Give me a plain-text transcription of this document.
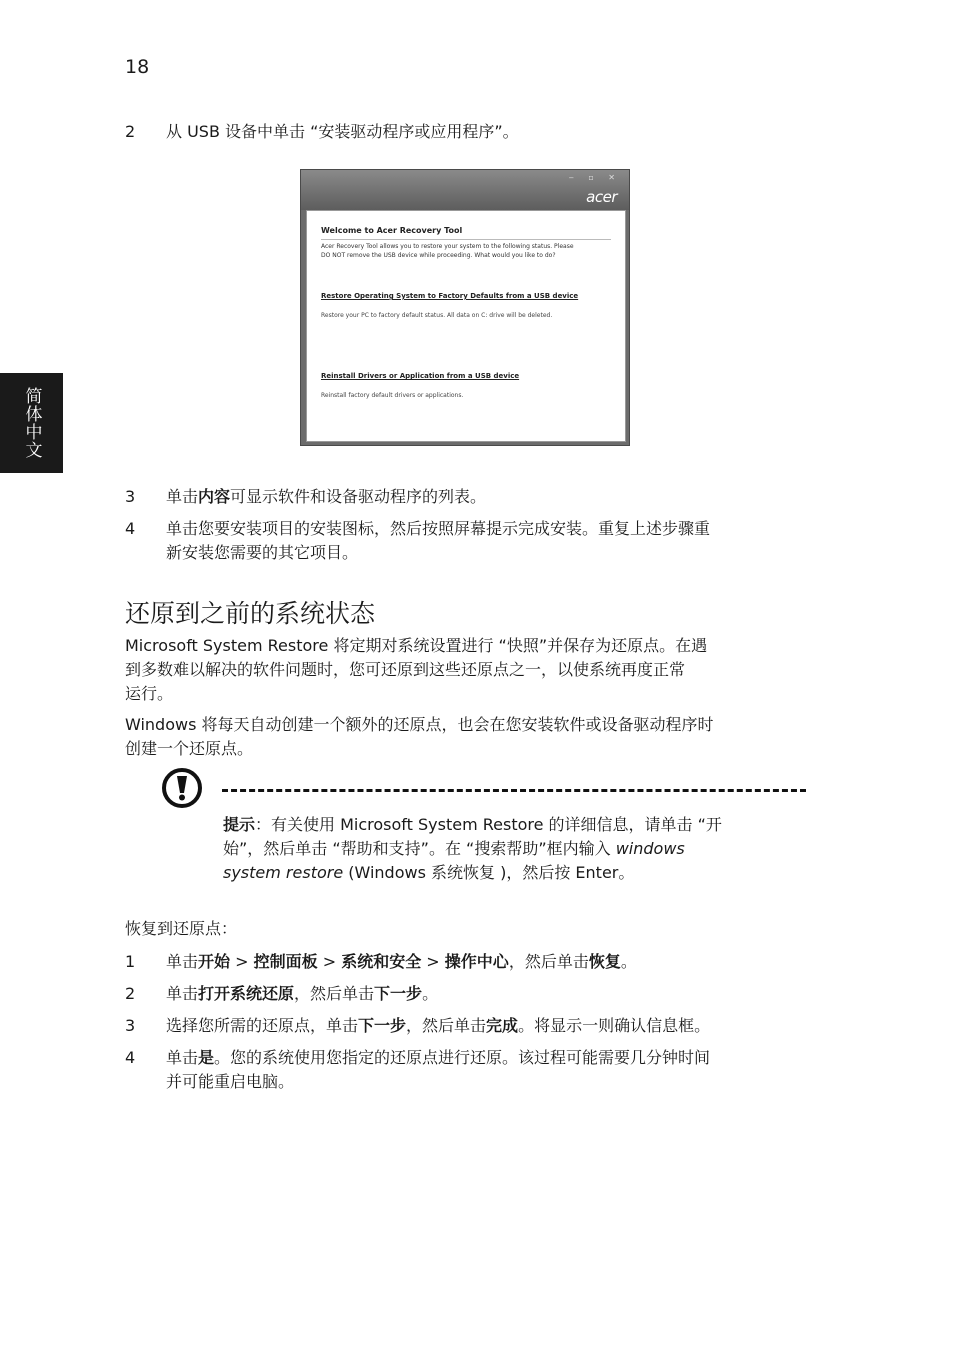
18
简体中文
2	从 USB 设备中单击 “安装驱动程序或应用程序”。
‒ ▫ ✕
acer
Welcome to Acer Recovery Tool
Acer Recovery Tool allows you to restore your system to the following status. Please
DO NOT remove the USB device while proceeding. What would you like to do?
Restore Operating System to Factory Defaults from a USB device
Restore your PC to factory default status. All data on C: drive will be deleted.
Reinstall Drivers or Application from a USB device
Reinstall factory default drivers or applications.
3	单击内容可显示软件和设备驱动程序的列表。
4	单击您要安装项目的安装图标，然后按照屏幕提示完成安装。重复上述步骤重
新安装您需要的其它项目。
还原到之前的系统状态
Microsoft System Restore 将定期对系统设置进行 “快照”并保存为还原点。在遇
到多数难以解决的软件问题时，您可还原到这些还原点之一，以使系统再度正常
运行。
Windows 将每天自动创建一个额外的还原点，也会在您安装软件或设备驱动程序时
创建一个还原点。
提示：有关使用 Microsoft System Restore 的详细信息，请单击 “开
始”，然后单击 “帮助和支持”。在 “搜索帮助”框内输入 windows
system restore (Windows 系统恢复 )，然后按 Enter。
恢复到还原点：
1	单击开始 > 控制面板 > 系统和安全 > 操作中心，然后单击恢复。
2	单击打开系统还原，然后单击下一步。
3	选择您所需的还原点，单击下一步，然后单击完成。将显示一则确认信息框。
4	单击是。您的系统使用您指定的还原点进行还原。该过程可能需要几分钟时间
并可能重启电脑。
